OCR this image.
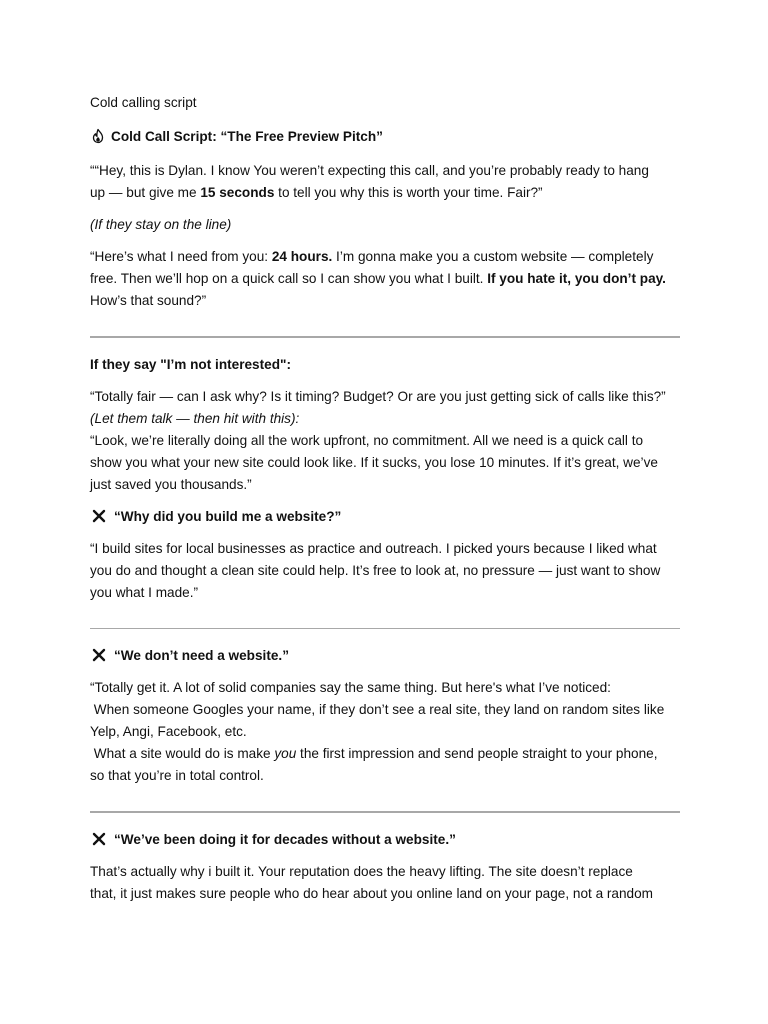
Cold calling script

Cold Call Script: “The Free Preview Pitch”

““Hey, this is Dylan. I know You weren’t expecting this call, and you’re probably ready to hang

up — but give me 15 seconds to tell you why this is worth your time. Fair?”

(If they stay on the line)

“Here’s what I need from you: 24 hours. I’m gonna make you a custom website — completely

free. Then we’ll hop on a quick call so I can show you what I built. If you hate it, you don’t pay.

How’s that sound?”

If they say "I’m not interested":

“Totally fair — can I ask why? Is it timing? Budget? Or are you just getting sick of calls like this?”

(Let them talk — then hit with this):

“Look, we’re literally doing all the work upfront, no commitment. All we need is a quick call to

show you what your new site could look like. If it sucks, you lose 10 minutes. If it’s great, we’ve

just saved you thousands.”

“Why did you build me a website?”

“I build sites for local businesses as practice and outreach. I picked yours because I liked what

you do and thought a clean site could help. It’s free to look at, no pressure — just want to show

you what I made.”

“We don’t need a website.”

“Totally get it. A lot of solid companies say the same thing. But here's what I’ve noticed:

When someone Googles your name, if they don’t see a real site, they land on random sites like

Yelp, Angi, Facebook, etc.

What a site would do is make you the first impression and send people straight to your phone,

so that you’re in total control.

“We’ve been doing it for decades without a website.”

That’s actually why i built it. Your reputation does the heavy lifting. The site doesn’t replace

that, it just makes sure people who do hear about you online land on your page, not a random
